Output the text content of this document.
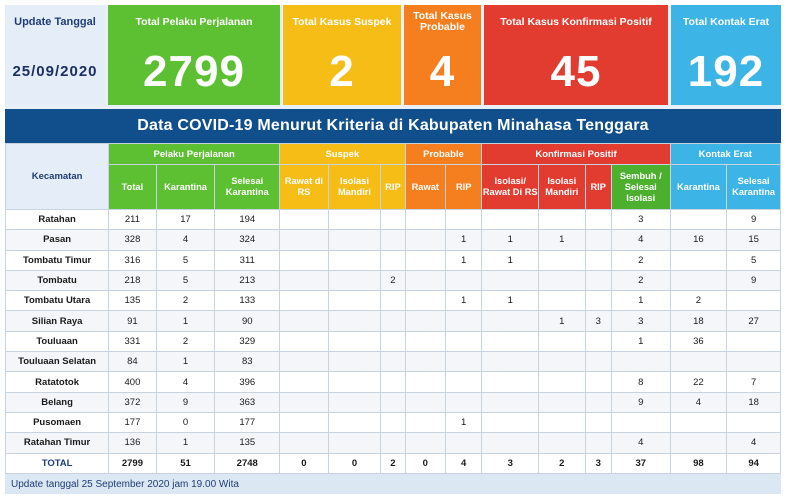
Update Tanggal
25/09/2020
Total Pelaku Perjalanan
2799
Total Kasus Suspek
2
Total Kasus
Probable
4
Total Kasus Konfirmasi Positif
45
Total Kontak Erat
192
Data COVID-19 Menurut Kriteria di Kabupaten Minahasa Tenggara
Kecamatan	Pelaku Perjalanan			Suspek			Probable		Konfirmasi Positif				Kontak Erat	
	Total	Karantina	Selesai Karantina	Rawat di RS	Isolasi Mandiri	RIP	Rawat	RIP	Isolasi/ Rawat Di RS	Isolasi Mandiri	RIP	Sembuh / Selesai Isolasi	Karantina	Selesai Karantina
Ratahan	211	17	194									3		9
Pasan	328	4	324					1	1	1		4	16	15
Tombatu Timur	316	5	311					1	1			2		5
Tombatu	218	5	213			2						2		9
Tombatu Utara	135	2	133					1	1			1	2	
Silian Raya	91	1	90							1	3	3	18	27
Touluaan	331	2	329									1	36	
Touluaan Selatan	84	1	83											
Ratatotok	400	4	396									8	22	7
Belang	372	9	363									9	4	18
Pusomaen	177	0	177					1						
Ratahan Timur	136	1	135									4		4
TOTAL	2799	51	2748	0	0	2	0	4	3	2	3	37	98	94
Update tanggal 25 September 2020 jam 19.00 Wita
